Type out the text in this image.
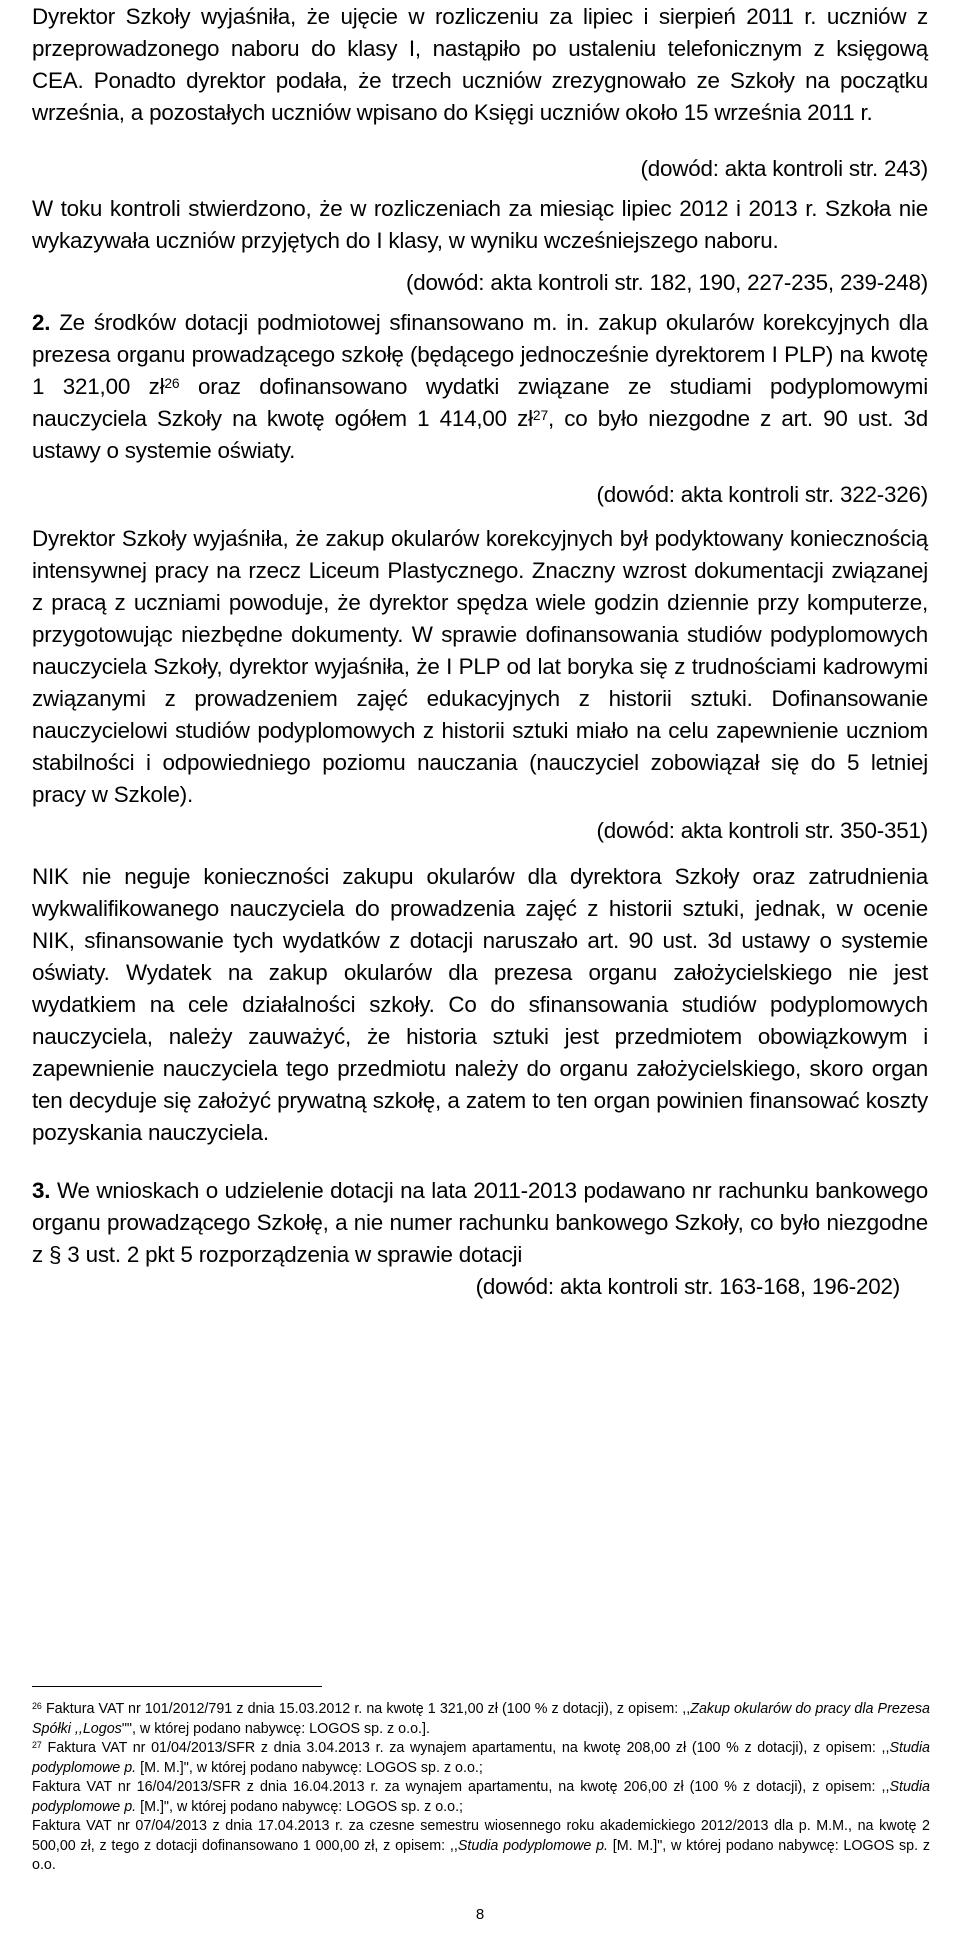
Dyrektor Szkoły wyjaśniła, że ujęcie w rozliczeniu za lipiec i sierpień 2011 r. uczniów z przeprowadzonego naboru do klasy I, nastąpiło po ustaleniu telefonicznym z księgową CEA. Ponadto dyrektor podała, że trzech uczniów zrezygnowało ze Szkoły na początku września, a pozostałych uczniów wpisano do Księgi uczniów około 15 września 2011 r.

(dowód: akta kontroli str. 243)

W toku kontroli stwierdzono, że w rozliczeniach za miesiąc lipiec 2012 i 2013 r. Szkoła nie wykazywała uczniów przyjętych do I klasy, w wyniku wcześniejszego naboru.

(dowód: akta kontroli str. 182, 190, 227-235, 239-248)

2. Ze środków dotacji podmiotowej sfinansowano m. in. zakup okularów korekcyjnych dla prezesa organu prowadzącego szkołę (będącego jednocześnie dyrektorem I PLP) na kwotę 1 321,00 $zł^{26}$ oraz dofinansowano wydatki związane ze studiami podyplomowymi nauczyciela Szkoły na kwotę ogółem 1 414,00 $zł^{27}$, co było niezgodne z art. 90 ust. 3d ustawy o systemie oświaty.

(dowód: akta kontroli str. 322-326)

Dyrektor Szkoły wyjaśniła, że zakup okularów korekcyjnych był podyktowany koniecznością intensywnej pracy na rzecz Liceum Plastycznego. Znaczny wzrost dokumentacji związanej z pracą z uczniami powoduje, że dyrektor spędza wiele godzin dziennie przy komputerze, przygotowując niezbędne dokumenty. W sprawie dofinansowania studiów podyplomowych nauczyciela Szkoły, dyrektor wyjaśniła, że I PLP od lat boryka się z trudnościami kadrowymi związanymi z prowadzeniem zajęć edukacyjnych z historii sztuki. Dofinansowanie nauczycielowi studiów podyplomowych z historii sztuki miało na celu zapewnienie uczniom stabilności i odpowiedniego poziomu nauczania (nauczyciel zobowiązał się do 5 letniej pracy w Szkole).

(dowód: akta kontroli str. 350-351)

NIK nie neguje konieczności zakupu okularów dla dyrektora Szkoły oraz zatrudnienia wykwalifikowanego nauczyciela do prowadzenia zajęć z historii sztuki, jednak, w ocenie NIK, sfinansowanie tych wydatków z dotacji naruszało art. 90 ust. 3d ustawy o systemie oświaty. Wydatek na zakup okularów dla prezesa organu założycielskiego nie jest wydatkiem na cele działalności szkoły. Co do sfinansowania studiów podyplomowych nauczyciela, należy zauważyć, że historia sztuki jest przedmiotem obowiązkowym i zapewnienie nauczyciela tego przedmiotu należy do organu założycielskiego, skoro organ ten decyduje się założyć prywatną szkołę, a zatem to ten organ powinien finansować koszty pozyskania nauczyciela.

3. We wnioskach o udzielenie dotacji na lata 2011-2013 podawano nr rachunku bankowego organu prowadzącego Szkołę, a nie numer rachunku bankowego Szkoły, co było niezgodne z § 3 ust. 2 pkt 5 rozporządzenia w sprawie dotacji

(dowód: akta kontroli str. 163-168, 196-202)

$^{26}$ Faktura VAT nr 101/2012/791 z dnia 15.03.2012 r. na kwotę 1 321,00 zł (100 % z dotacji), z opisem: ,,Zakup okularów do pracy dla Prezesa Spółki ,,Logos"", w której podano nabywcę: LOGOS sp. z o.o.].

$^{27}$ Faktura VAT nr 01/04/2013/SFR z dnia 3.04.2013 r. za wynajem apartamentu, na kwotę 208,00 zł (100 % z dotacji), z opisem: ,,Studia podyplomowe p. [M. M.]", w której podano nabywcę: LOGOS sp. z o.o.;

Faktura VAT nr 16/04/2013/SFR z dnia 16.04.2013 r. za wynajem apartamentu, na kwotę 206,00 zł (100 % z dotacji), z opisem: ,,Studia podyplomowe p. [M.]", w której podano nabywcę: LOGOS sp. z o.o.;

Faktura VAT nr 07/04/2013 z dnia 17.04.2013 r. za czesne semestru wiosennego roku akademickiego 2012/2013 dla p. M.M., na kwotę 2 500,00 zł, z tego z dotacji dofinansowano 1 000,00 zł, z opisem: ,,Studia podyplomowe p. [M. M.]", w której podano nabywcę: LOGOS sp. z o.o.

8
